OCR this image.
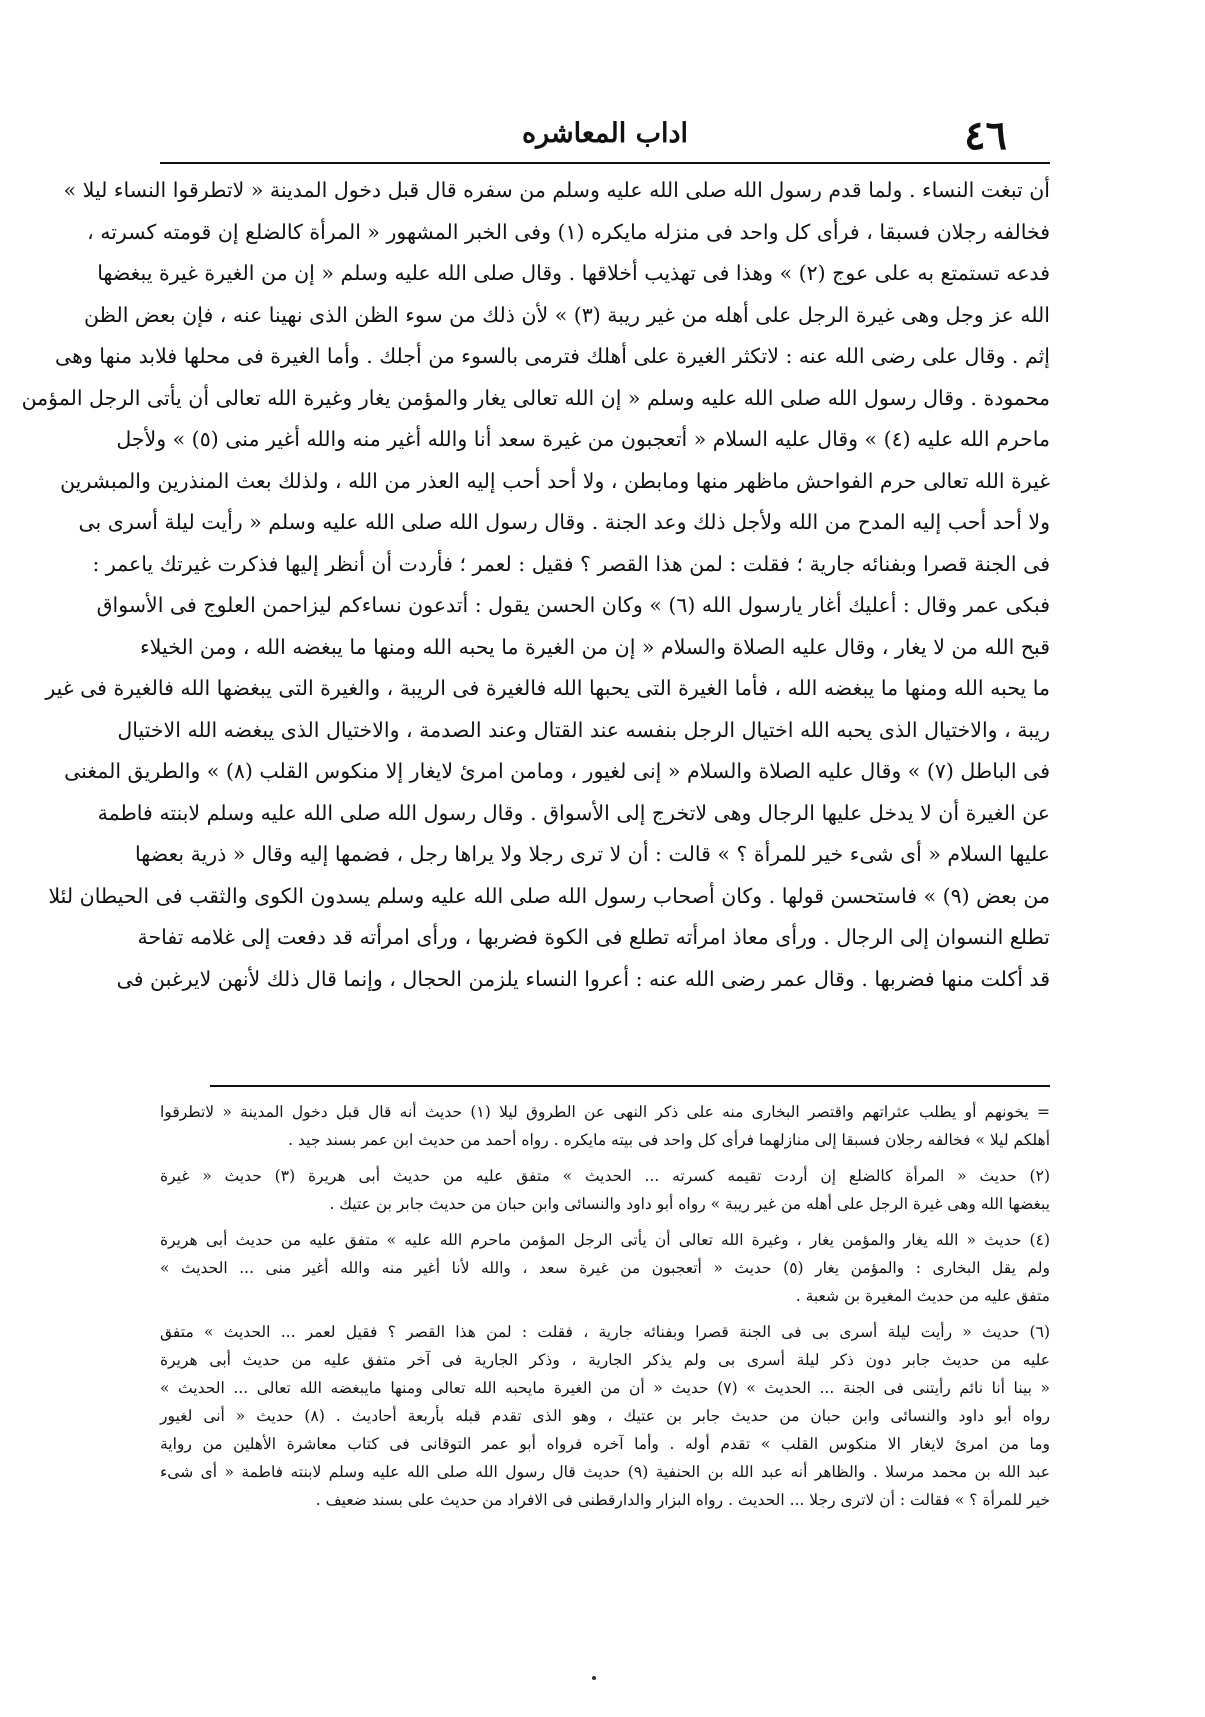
اداب المعاشره	٤٦
أن تبغت النساء . ولما قدم رسول الله صلى الله عليه وسلم من سفره قال قبل دخول المدينة « لاتطرقوا النساء ليلا »
فخالفه رجلان فسبقا ، فرأى كل واحد فى منزله مايكره (١) وفى الخبر المشهور « المرأة كالضلع إن قومته كسرته ،
فدعه تستمتع به على عوج (٢) » وهذا فى تهذيب أخلاقها . وقال صلى الله عليه وسلم « إن من الغيرة غيرة يبغضها
الله عز وجل وهى غيرة الرجل على أهله من غير ريبة (٣) » لأن ذلك من سوء الظن الذى نهينا عنه ، فإن بعض الظن
إثم . وقال على رضى الله عنه : لاتكثر الغيرة على أهلك فترمى بالسوء من أجلك . وأما الغيرة فى محلها فلابد منها وهى
محمودة . وقال رسول الله صلى الله عليه وسلم « إن الله تعالى يغار والمؤمن يغار وغيرة الله تعالى أن يأتى الرجل المؤمن
ماحرم الله عليه (٤) » وقال عليه السلام « أتعجبون من غيرة سعد أنا والله أغير منه والله أغير منى (٥) » ولأجل
غيرة الله تعالى حرم الفواحش ماظهر منها ومابطن ، ولا أحد أحب إليه العذر من الله ، ولذلك بعث المنذرين والمبشرين
ولا أحد أحب إليه المدح من الله ولأجل ذلك وعد الجنة . وقال رسول الله صلى الله عليه وسلم « رأيت ليلة أسرى بى
فى الجنة قصرا وبفنائه جارية ؛ فقلت : لمن هذا القصر ؟ فقيل : لعمر ؛ فأردت أن أنظر إليها فذكرت غيرتك ياعمر :
فبكى عمر وقال : أعليك أغار يارسول الله (٦) » وكان الحسن يقول : أتدعون نساءكم ليزاحمن العلوج فى الأسواق
قبح الله من لا يغار ، وقال عليه الصلاة والسلام « إن من الغيرة ما يحبه الله ومنها ما يبغضه الله ، ومن الخيلاء
ما يحبه الله ومنها ما يبغضه الله ، فأما الغيرة التى يحبها الله فالغيرة فى الريبة ، والغيرة التى يبغضها الله فالغيرة فى غير
ريبة ، والاختيال الذى يحبه الله اختيال الرجل بنفسه عند القتال وعند الصدمة ، والاختيال الذى يبغضه الله الاختيال
فى الباطل (٧) » وقال عليه الصلاة والسلام « إنى لغيور ، ومامن امرئ لايغار إلا منكوس القلب (٨) » والطريق المغنى
عن الغيرة أن لا يدخل عليها الرجال وهى لاتخرج إلى الأسواق . وقال رسول الله صلى الله عليه وسلم لابنته فاطمة
عليها السلام « أى شىء خير للمرأة ؟ » قالت : أن لا ترى رجلا ولا يراها رجل ، فضمها إليه وقال « ذرية بعضها
من بعض (٩) » فاستحسن قولها . وكان أصحاب رسول الله صلى الله عليه وسلم يسدون الكوى والثقب فى الحيطان لئلا
تطلع النسوان إلى الرجال . ورأى معاذ امرأته تطلع فى الكوة فضربها ، ورأى امرأته قد دفعت إلى غلامه تفاحة
قد أكلت منها فضربها . وقال عمر رضى الله عنه : أعروا النساء يلزمن الحجال ، وإنما قال ذلك لأنهن لايرغبن فى
= يخونهم أو يطلب عثراتهم واقتصر البخارى منه على ذكر النهى عن الطروق ليلا (١) حديث أنه قال قبل دخول المدينة « لاتطرقوا
أهلكم ليلا » فخالفه رجلان فسبقا إلى منازلهما فرأى كل واحد فى بيته مايكره . رواه أحمد من حديث ابن عمر بسند جيد .
(٢) حديث « المرأة كالضلع إن أردت تقيمه كسرته ... الحديث » متفق عليه من حديث أبى هريرة (٣) حديث « غيرة
يبغضها الله وهى غيرة الرجل على أهله من غير ريبة » رواه أبو داود والنسائى وابن حبان من حديث جابر بن عتيك .
(٤) حديث « الله يغار والمؤمن يغار ، وغيرة الله تعالى أن يأتى الرجل المؤمن ماحرم الله عليه » متفق عليه من حديث أبى هريرة
ولم يقل البخارى : والمؤمن يغار (٥) حديث « أتعجبون من غيرة سعد ، والله لأنا أغير منه والله أغير منى ... الحديث »
متفق عليه من حديث المغيرة بن شعبة .
(٦) حديث « رأيت ليلة أسرى بى فى الجنة قصرا وبفنائه جارية ، فقلت : لمن هذا القصر ؟ فقيل لعمر ... الحديث » متفق
عليه من حديث جابر دون ذكر ليلة أسرى بى ولم يذكر الجارية ، وذكر الجارية فى آخر متفق عليه من حديث أبى هريرة
« بينا أنا نائم رأيتنى فى الجنة ... الحديث » (٧) حديث « أن من الغيرة مايحبه الله تعالى ومنها مايبغضه الله تعالى ... الحديث »
رواه أبو داود والنسائى وابن حبان من حديث جابر بن عتيك ، وهو الذى تقدم قبله بأربعة أحاديث . (٨) حديث « أنى لغيور
وما من امرئ لايغار الا منكوس القلب » تقدم أوله . وأما آخره فرواه أبو عمر التوقانى فى كتاب معاشرة الأهلين من رواية
عبد الله بن محمد مرسلا . والظاهر أنه عبد الله بن الحنفية (٩) حديث قال رسول الله صلى الله عليه وسلم لابنته فاطمة « أى شىء
خير للمرأة ؟ » فقالت : أن لاترى رجلا ... الحديث . رواه البزار والدارقطنى فى الافراد من حديث على بسند ضعيف .
